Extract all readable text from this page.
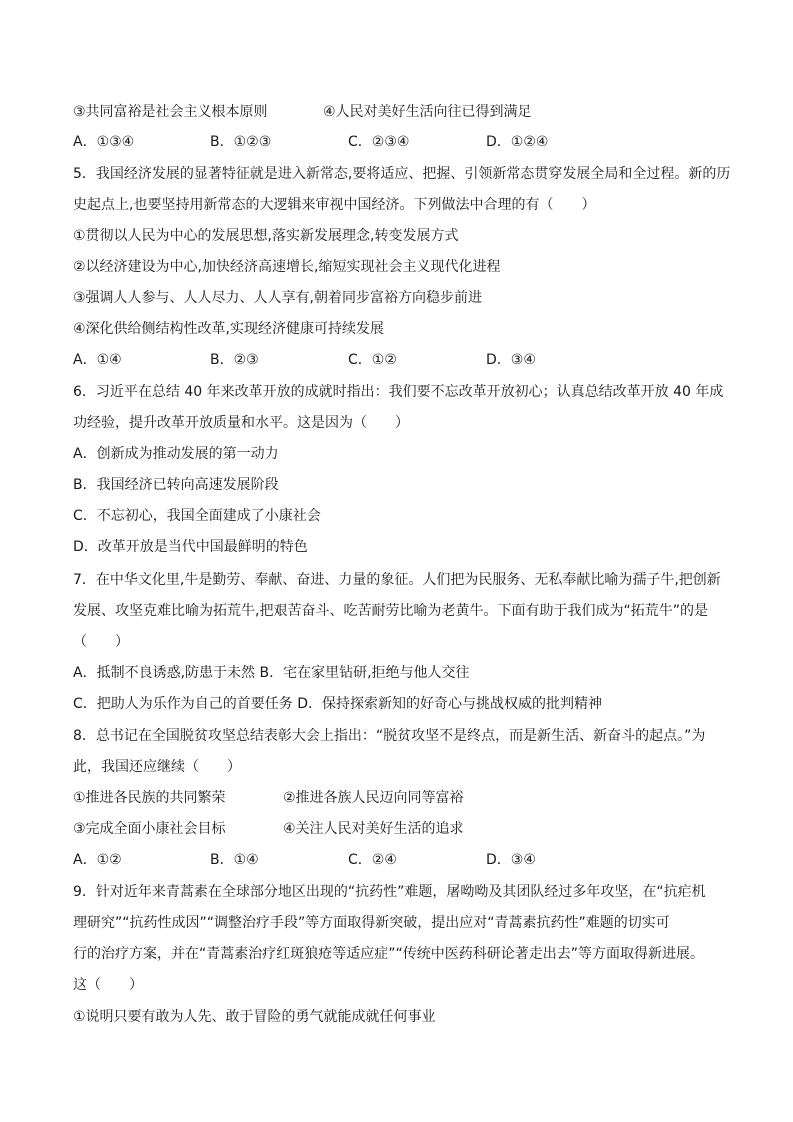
③共同富裕是社会主义根本原则	④人民对美好生活向往已得到满足
A．①③④	B．①②③	C．②③④	D．①②④
5．我国经济发展的显著特征就是进入新常态,要将适应、把握、引领新常态贯穿发展全局和全过程。新的历
史起点上,也要坚持用新常态的大逻辑来审视中国经济。下列做法中合理的有（　　）
①贯彻以人民为中心的发展思想,落实新发展理念,转变发展方式
②以经济建设为中心,加快经济高速增长,缩短实现社会主义现代化进程
③强调人人参与、人人尽力、人人享有,朝着同步富裕方向稳步前进
④深化供给侧结构性改革,实现经济健康可持续发展
A．①④	B．②③	C．①②	D．③④
6．习近平在总结 40 年来改革开放的成就时指出：我们要不忘改革开放初心；认真总结改革开放 40 年成
功经验，提升改革开放质量和水平。这是因为（　　）
A．创新成为推动发展的第一动力
B．我国经济已转向高速发展阶段
C．不忘初心，我国全面建成了小康社会
D．改革开放是当代中国最鲜明的特色
7．在中华文化里,牛是勤劳、奉献、奋进、力量的象征。人们把为民服务、无私奉献比喻为孺子牛,把创新
发展、攻坚克难比喻为拓荒牛,把艰苦奋斗、吃苦耐劳比喻为老黄牛。下面有助于我们成为“拓荒牛”的是
（　　）
A．抵制不良诱惑,防患于未然 B．宅在家里钻研,拒绝与他人交往
C．把助人为乐作为自己的首要任务 D．保持探索新知的好奇心与挑战权威的批判精神
8．总书记在全国脱贫攻坚总结表彰大会上指出：“脱贫攻坚不是终点，而是新生活、新奋斗的起点。”为
此，我国还应继续（　　）
①推进各民族的共同繁荣	②推进各族人民迈向同等富裕
③完成全面小康社会目标	④关注人民对美好生活的追求
A．①②	B．①④	C．②④	D．③④
9．针对近年来青蒿素在全球部分地区出现的“抗药性”难题，屠呦呦及其团队经过多年攻坚，在“抗疟机
理研究”“抗药性成因”“调整治疗手段”等方面取得新突破，提出应对“青蒿素抗药性”难题的切实可
行的治疗方案，并在“青蒿素治疗红斑狼疮等适应症”“传统中医药科研论著走出去”等方面取得新进展。
这（　　）
①说明只要有敢为人先、敢于冒险的勇气就能成就任何事业
